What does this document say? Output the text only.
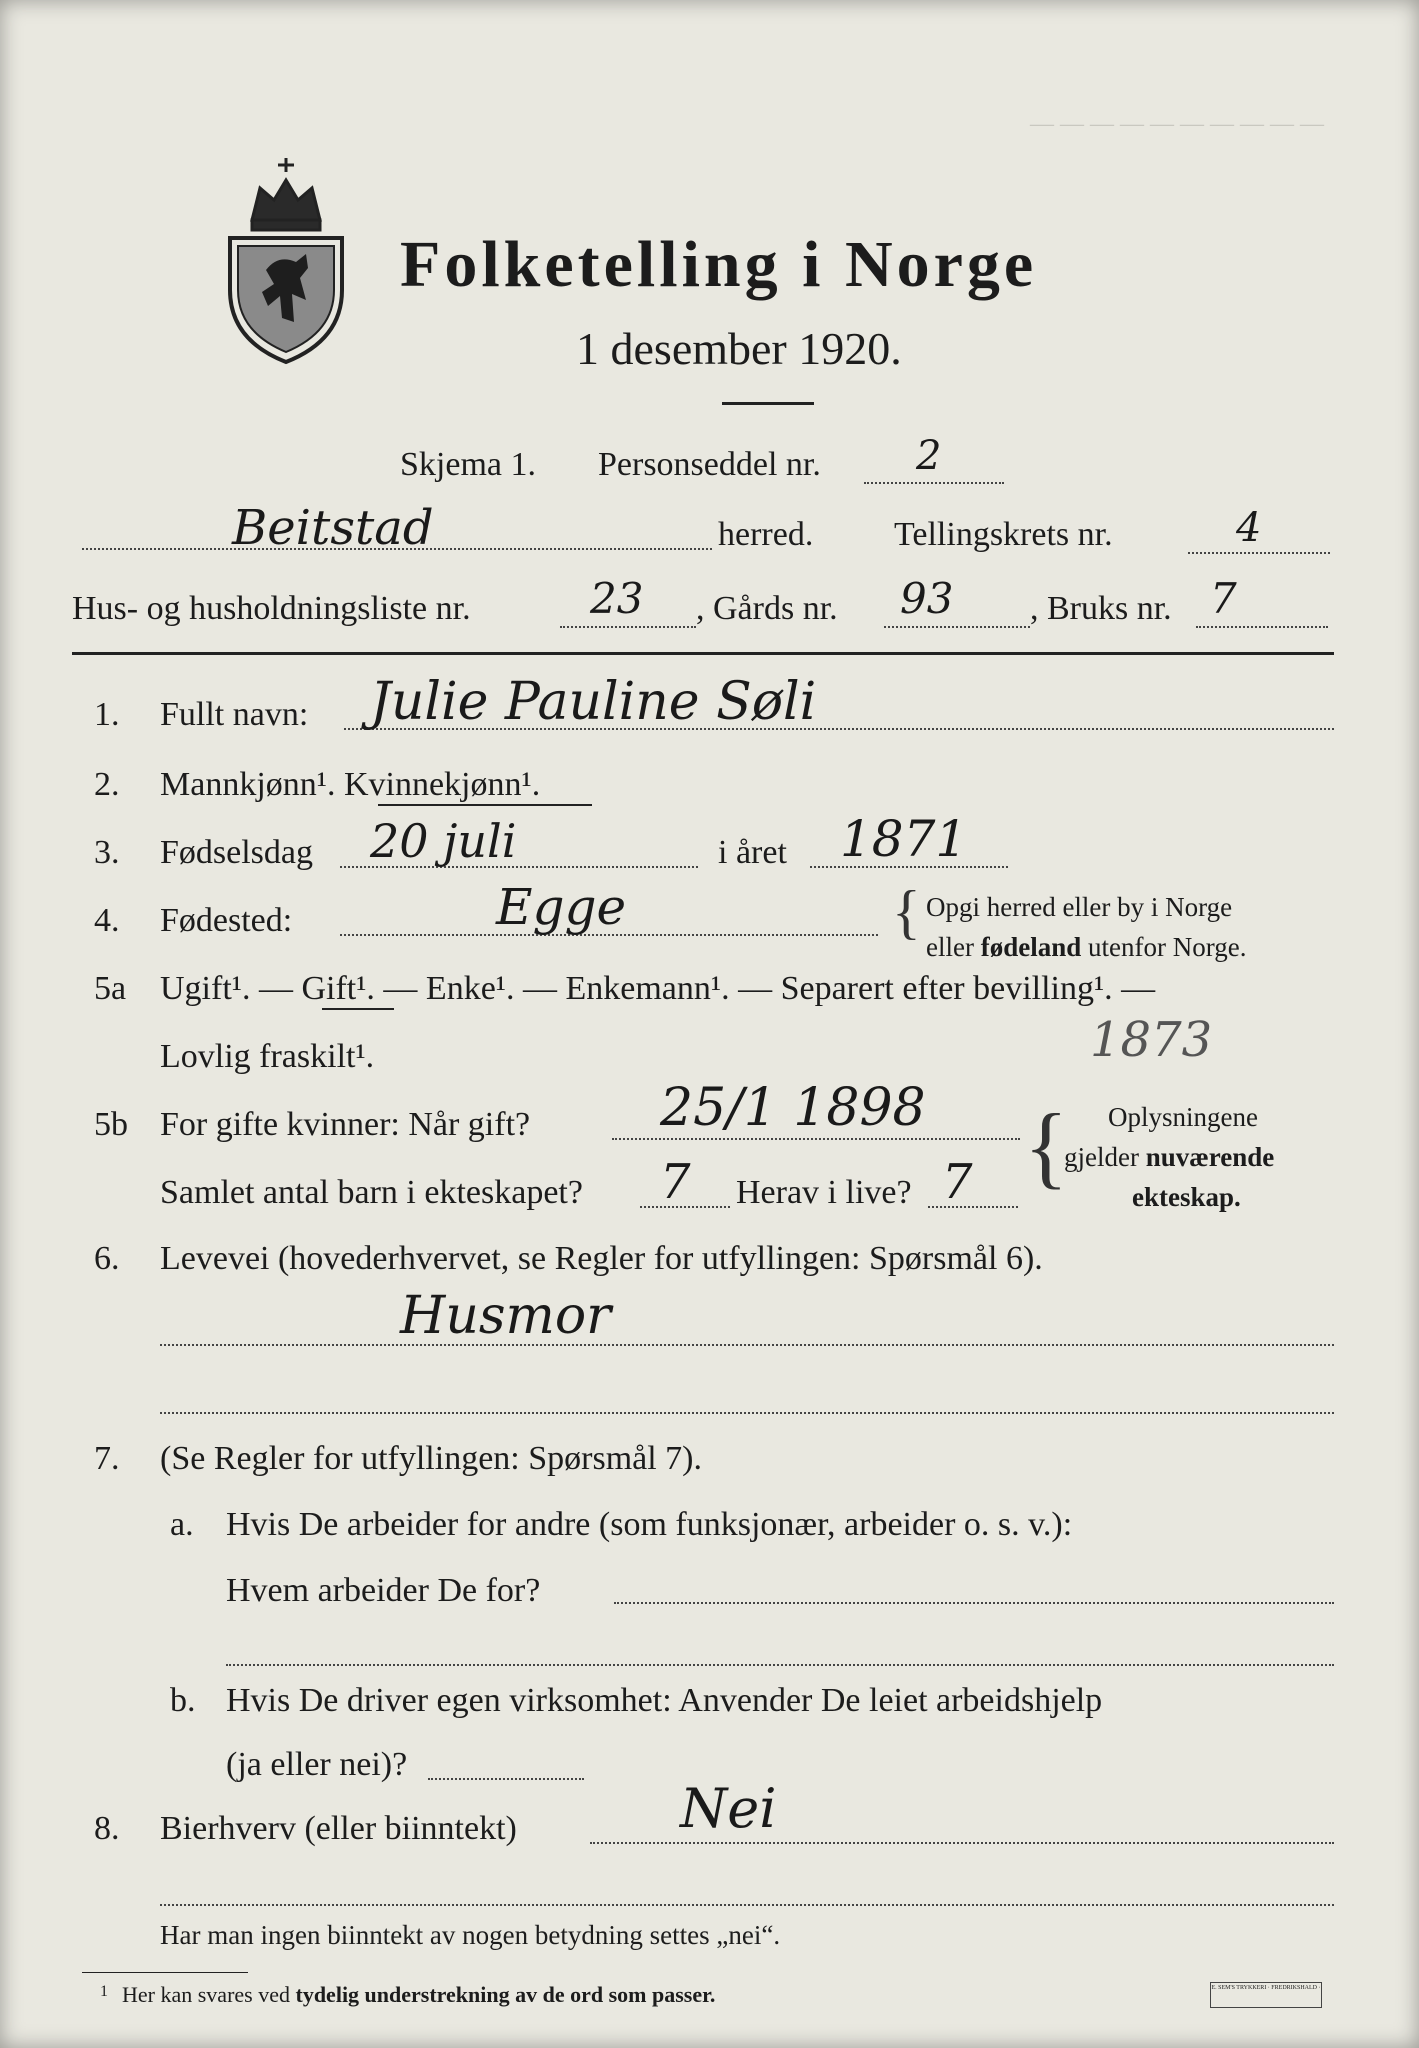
Folketelling i Norge
1 desember 1920.
— — — — — — — — — —
Skjema 1. Personseddel nr. 2
Beitstad	herred. Tellingskrets nr.	4
Hus- og husholdningsliste nr.	23 , Gårds nr. 93 , Bruks nr. 7
1. Fullt navn: Julie Pauline Søli
2. Mannkjønn¹. Kvinnekjønn¹.
3. Fødselsdag 20 juli	i året 1871
4. Fødested:	Egge	{ Opgi herred eller by i Norge
eller fødeland utenfor Norge.
5a Ugift¹. — Gift¹. — Enke¹. — Enkemann¹. — Separert efter bevilling¹. —
Lovlig fraskilt¹.	1873
5b For gifte kvinner: Når gift? 25/1 1898
Samlet antal barn i ekteskapet? 7 Herav i live? 7 { Oplysningene
gjelder nuværende
ekteskap.
6. Levevei (hovederhvervet, se Regler for utfyllingen: Spørsmål 6).
Husmor
7. (Se Regler for utfyllingen: Spørsmål 7).
a. Hvis De arbeider for andre (som funksjonær, arbeider o. s. v.):
Hvem arbeider De for?
b. Hvis De driver egen virksomhet: Anvender De leiet arbeidshjelp
(ja eller nei)?
8. Bierhverv (eller biinntekt)	Nei
Har man ingen biinntekt av nogen betydning settes „nei“.
1 Her kan svares ved tydelig understrekning av de ord som passer.	E. SEM'S TRYKKERI · FREDRIKSHALD ·
